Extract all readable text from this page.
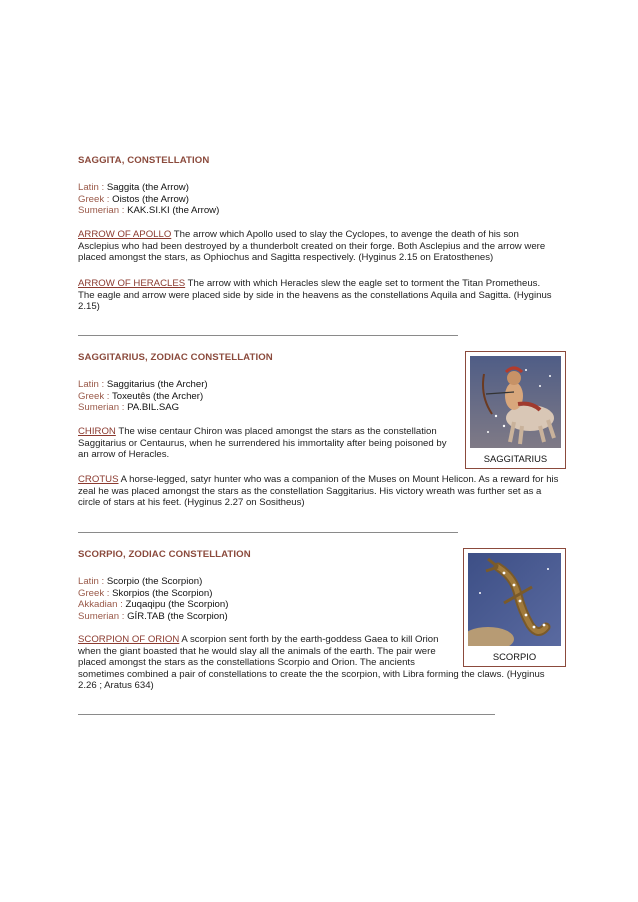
SAGGITA, CONSTELLATION
Latin : Saggita (the Arrow)
Greek : Oistos (the Arrow)
Sumerian : KAK.SI.KI (the Arrow)
ARROW OF APOLLO The arrow which Apollo used to slay the Cyclopes, to avenge the death of his son Asclepius who had been destroyed by a thunderbolt created on their forge. Both Asclepius and the arrow were placed amongst the stars, as Ophiochus and Sagitta respectively. (Hyginus 2.15 on Eratosthenes)
ARROW OF HERACLES The arrow with which Heracles slew the eagle set to torment the Titan Prometheus. The eagle and arrow were placed side by side in the heavens as the constellations Aquila and Sagitta. (Hyginus 2.15)
SAGGITARIUS, ZODIAC CONSTELLATION
Latin : Saggitarius (the Archer)
Greek : Toxeutês (the Archer)
Sumerian : PA.BIL.SAG
CHIRON The wise centaur Chiron was placed amongst the stars as the constellation Saggitarius or Centaurus, when he surrendered his immortality after being poisoned by an arrow of Heracles.
CROTUS A horse-legged, satyr hunter who was a companion of the Muses on Mount Helicon. As a reward for his zeal he was placed amongst the stars as the constellation Saggitarius. His victory wreath was further set as a circle of stars at his feet. (Hyginus 2.27 on Sositheus)
SAGGITARIUS
SCORPIO, ZODIAC CONSTELLATION
Latin : Scorpio (the Scorpion)
Greek : Skorpios (the Scorpion)
Akkadian : Zuqaqipu (the Scorpion)
Sumerian : GÍR.TAB (the Scorpion)
SCORPION OF ORION A scorpion sent forth by the earth-goddess Gaea to kill Orion when the giant boasted that he would slay all the animals of the earth. The pair were placed amongst the stars as the constellations Scorpio and Orion. The ancients sometimes combined a pair of constellations to create the the scorpion, with Libra forming the claws. (Hyginus 2.26 ; Aratus 634)
SCORPIO
